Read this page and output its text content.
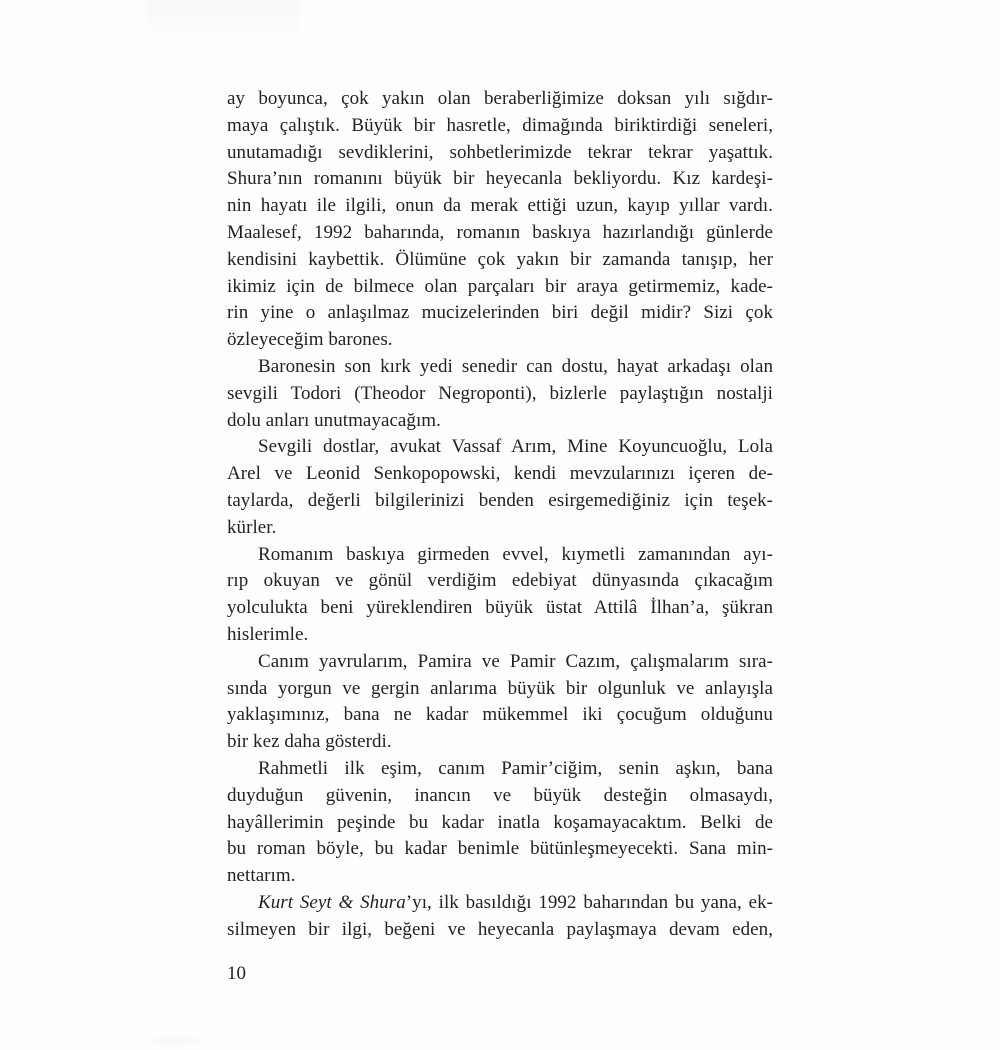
ay boyunca, çok yakın olan beraberliğimize doksan yılı sığdır-
maya çalıştık. Büyük bir hasretle, dimağında biriktirdiği seneleri,
unutamadığı sevdiklerini, sohbetlerimizde tekrar tekrar yaşattık.
Shura’nın romanını büyük bir heyecanla bekliyordu. Kız kardeşi-
nin hayatı ile ilgili, onun da merak ettiği uzun, kayıp yıllar vardı.
Maalesef, 1992 baharında, romanın baskıya hazırlandığı günlerde
kendisini kaybettik. Ölümüne çok yakın bir zamanda tanışıp, her
ikimiz için de bilmece olan parçaları bir araya getirmemiz, kade-
rin yine o anlaşılmaz mucizelerinden biri değil midir? Sizi çok
özleyeceğim barones.
Baronesin son kırk yedi senedir can dostu, hayat arkadaşı olan
sevgili Todori (Theodor Negroponti), bizlerle paylaştığın nostalji
dolu anları unutmayacağım.
Sevgili dostlar, avukat Vassaf Arım, Mine Koyuncuoğlu, Lola
Arel ve Leonid Senkopopowski, kendi mevzularınızı içeren de-
taylarda, değerli bilgilerinizi benden esirgemediğiniz için teşek-
kürler.
Romanım baskıya girmeden evvel, kıymetli zamanından ayı-
rıp okuyan ve gönül verdiğim edebiyat dünyasında çıkacağım
yolculukta beni yüreklendiren büyük üstat Attilâ İlhan’a, şükran
hislerimle.
Canım yavrularım, Pamira ve Pamir Cazım, çalışmalarım sıra-
sında yorgun ve gergin anlarıma büyük bir olgunluk ve anlayışla
yaklaşımınız, bana ne kadar mükemmel iki çocuğum olduğunu
bir kez daha gösterdi.
Rahmetli ilk eşim, canım Pamir’ciğim, senin aşkın, bana
duyduğun güvenin, inancın ve büyük desteğin olmasaydı,
hayâllerimin peşinde bu kadar inatla koşamayacaktım. Belki de
bu roman böyle, bu kadar benimle bütünleşmeyecekti. Sana min-
nettarım.
Kurt Seyt & Shura’yı, ilk basıldığı 1992 baharından bu yana, ek-
silmeyen bir ilgi, beğeni ve heyecanla paylaşmaya devam eden,
10
